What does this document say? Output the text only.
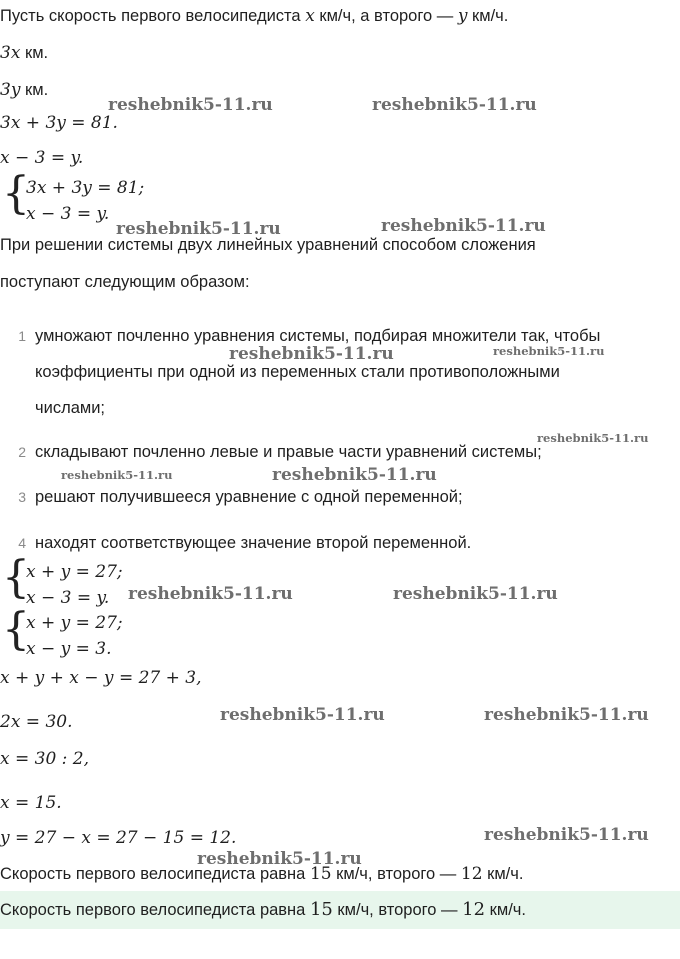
Пусть скорость первого велосипедиста x км/ч, а второго — y км/ч.
3x км.
3y км.
3x + 3y = 81.
x − 3 = y.
{
3x + 3y = 81;
x − 3 = y.
При решении системы двух линейных уравнений способом сложения
поступают следующим образом:
1 умножают почленно уравнения системы, подбирая множители так, чтобы
коэффициенты при одной из переменных стали противоположными
числами;
2 складывают почленно левые и правые части уравнений системы;
3 решают получившееся уравнение с одной переменной;
4 находят соответствующее значение второй переменной.
{
x + y = 27;
x − 3 = y.
{
x + y = 27;
x − y = 3.
x + y + x − y = 27 + 3,
2x = 30.
x = 30 : 2,
x = 15.
y = 27 − x = 27 − 15 = 12.
Скорость первого велосипедиста равна 15 км/ч, второго — 12 км/ч.
Скорость первого велосипедиста равна 15 км/ч, второго — 12 км/ч.
reshebnik5-11.ru	reshebnik5-11.ru
reshebnik5-11.ru	reshebnik5-11.ru
reshebnik5-11.ru	reshebnik5-11.ru
reshebnik5-11.ru
reshebnik5-11.ru	reshebnik5-11.ru
reshebnik5-11.ru	reshebnik5-11.ru
reshebnik5-11.ru	reshebnik5-11.ru
reshebnik5-11.ru
reshebnik5-11.ru
